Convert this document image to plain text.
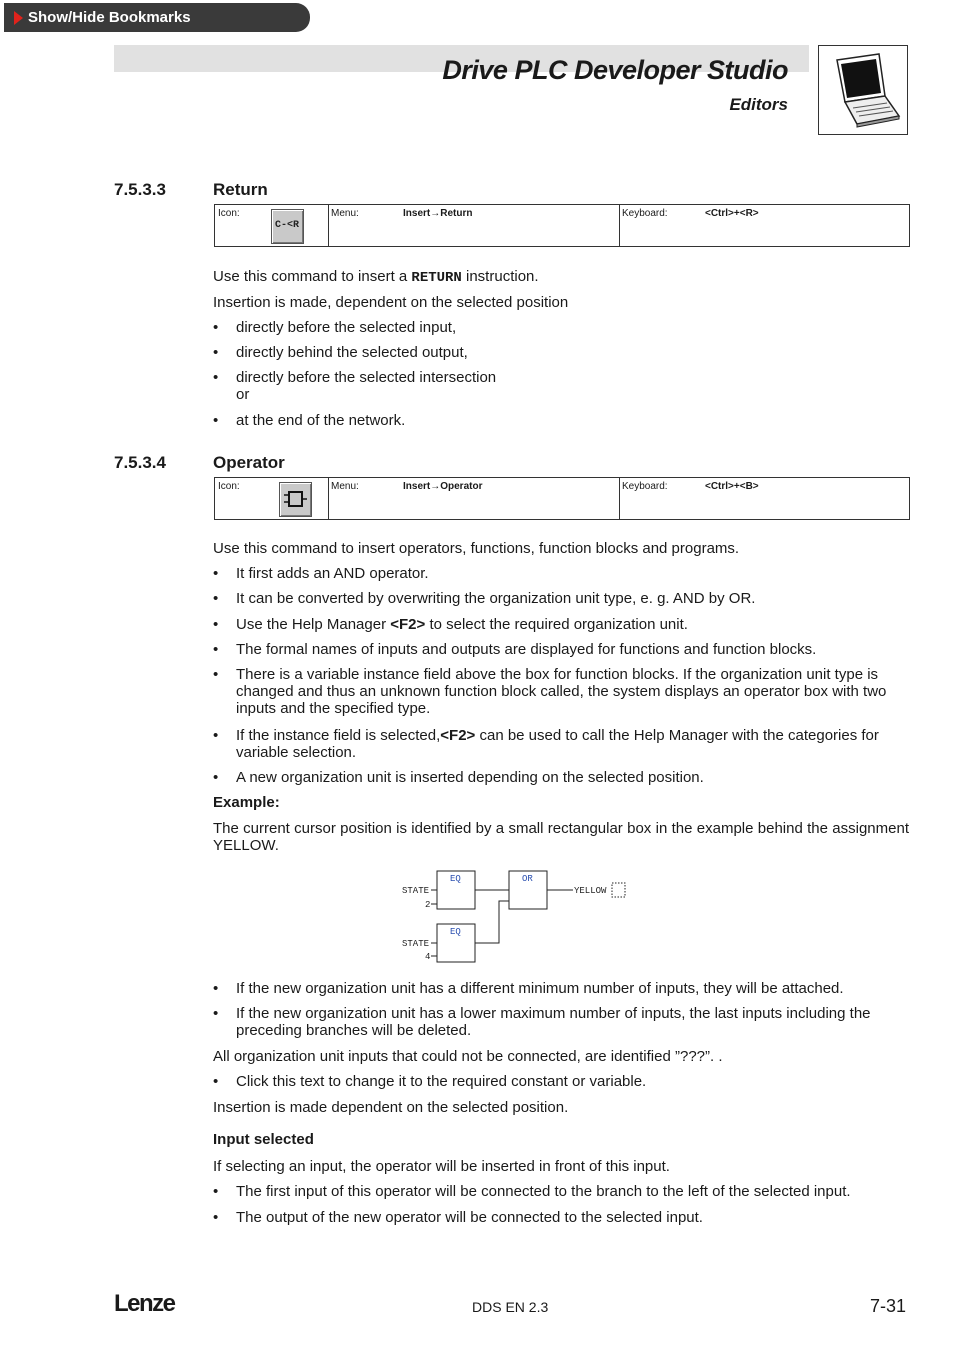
Show/Hide Bookmarks
Drive PLC Developer Studio
Editors
7.5.3.3	Return
Icon:
C-<R
Menu:	Insert→Return	Keyboard:	<Ctrl>+<R>
Use this command to insert a RETURN instruction.
Insertion is made, dependent on the selected position
•	directly before the selected input,
•	directly behind the selected output,
•	directly before the selected intersection
or
•	at the end of the network.
7.5.3.4	Operator
Icon:	Menu:	Insert→Operator	Keyboard:	<Ctrl>+<B>
Use this command to insert operators, functions, function blocks and programs.
•	It first adds an AND operator.
•	It can be converted by overwriting the organization unit type, e. g. AND by OR.
•	Use the Help Manager <F2> to select the required organization unit.
•	The formal names of inputs and outputs are displayed for functions and function blocks.
•	There is a variable instance field above the box for function blocks. If the organization unit type is changed and thus an unknown function block called, the system displays an operator box with two inputs and the specified type.
•	If the instance field is selected,<F2> can be used to call the Help Manager with the categories for variable selection.
•	A new organization unit is inserted depending on the selected position.
Example:
The current cursor position is identified by a small rectangular box in the example behind the assignment YELLOW.
EQ	OR
EQ
STATE
2
STATE
4
YELLOW
•	If the new organization unit has a different minimum number of inputs, they will be attached.
•	If the new organization unit has a lower maximum number of inputs, the last inputs including the preceding branches will be deleted.
All organization unit inputs that could not be connected, are identified ”???”. .
•	Click this text to change it to the required constant or variable.
Insertion is made dependent on the selected position.
Input selected
If selecting an input, the operator will be inserted in front of this input.
•	The first input of this operator will be connected to the branch to the left of the selected input.
•	The output of the new operator will be connected to the selected input.
Lenze	DDS EN 2.3	7-31
